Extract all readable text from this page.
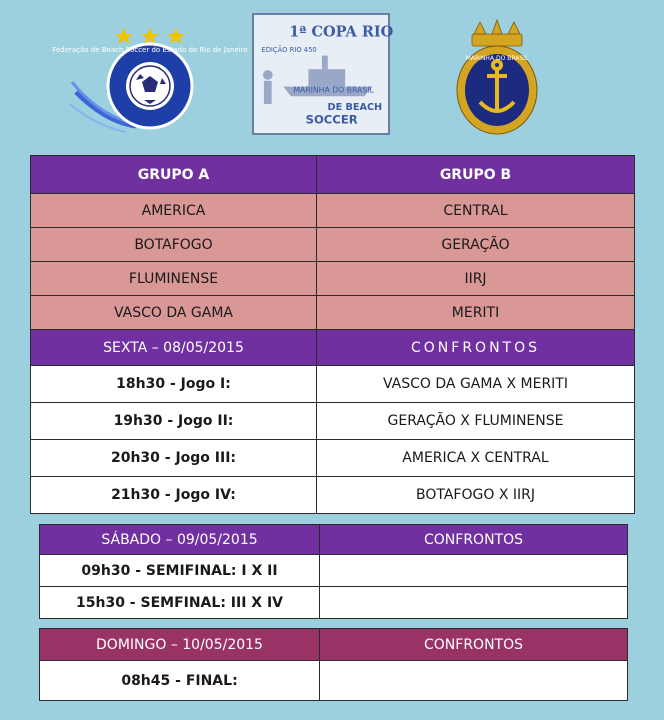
Federação de Beach Soccer do Estado do Rio de Janeiro
1ª COPA RIO
EDIÇÃO RIO 450
MARINHA DO BRASIL
DE BEACH
SOCCER
MARINHA DO BRASIL
GRUPO A	GRUPO B
AMERICA	CENTRAL
BOTAFOGO	GERAÇÃO
FLUMINENSE	IIRJ
VASCO DA GAMA	MERITI
SEXTA – 08/05/2015	CONFRONTOS
18h30 - Jogo I:	VASCO DA GAMA X MERITI
19h30 - Jogo II:	GERAÇÃO X FLUMINENSE
20h30 - Jogo III:	AMERICA X CENTRAL
21h30 - Jogo IV:	BOTAFOGO X IIRJ
SÁBADO – 09/05/2015	CONFRONTOS
09h30 - SEMIFINAL: I X II	
15h30 - SEMFINAL: III X IV	
DOMINGO – 10/05/2015	CONFRONTOS
08h45 - FINAL:	
